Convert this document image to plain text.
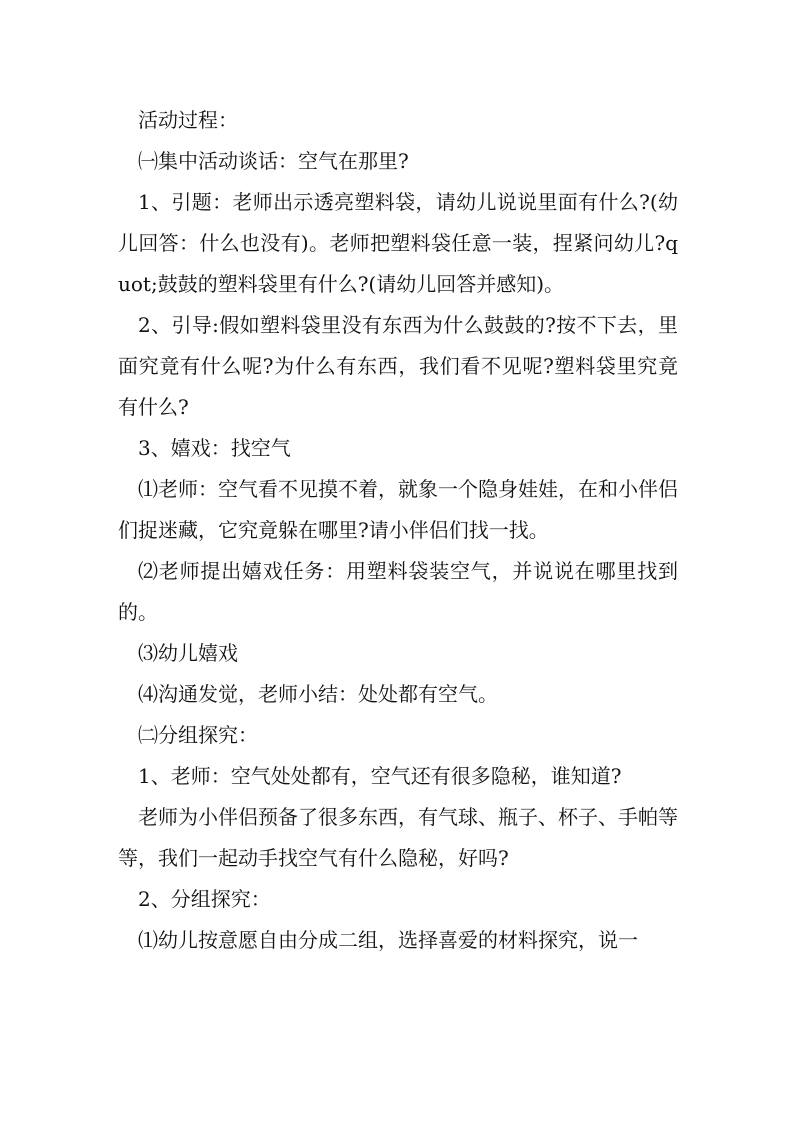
活动过程：

㈠集中活动谈话：空气在那里?

1、引题：老师出示透亮塑料袋，请幼儿说说里面有什么?(幼儿回答：什么也没有)。老师把塑料袋任意一装，捏紧问幼儿?quot;鼓鼓的塑料袋里有什么?(请幼儿回答并感知)。

2、引导:假如塑料袋里没有东西为什么鼓鼓的?按不下去，里面究竟有什么呢?为什么有东西，我们看不见呢?塑料袋里究竟有什么?

3、嬉戏：找空气

⑴老师：空气看不见摸不着，就象一个隐身娃娃，在和小伴侣们捉迷藏，它究竟躲在哪里?请小伴侣们找一找。

⑵老师提出嬉戏任务：用塑料袋装空气，并说说在哪里找到的。

⑶幼儿嬉戏

⑷沟通发觉，老师小结：处处都有空气。

㈡分组探究：

1、老师：空气处处都有，空气还有很多隐秘，谁知道?

老师为小伴侣预备了很多东西，有气球、瓶子、杯子、手帕等等，我们一起动手找空气有什么隐秘，好吗?

2、分组探究：

⑴幼儿按意愿自由分成二组，选择喜爱的材料探究，说一
